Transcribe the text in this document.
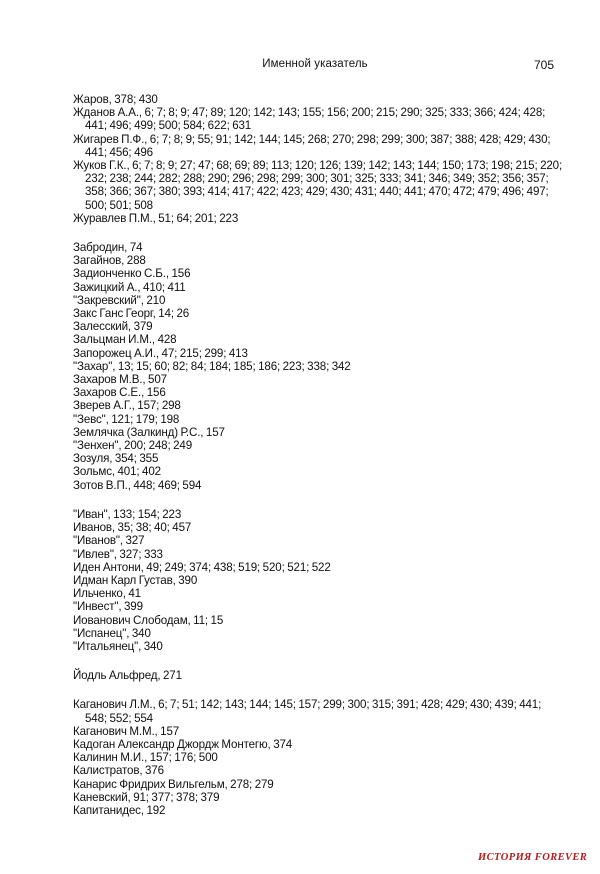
Именной указатель	705
Жаров, 378; 430
Жданов А.А., 6; 7; 8; 9; 47; 89; 120; 142; 143; 155; 156; 200; 215; 290; 325; 333; 366; 424; 428; 441; 496; 499; 500; 584; 622; 631
Жигарев П.Ф., 6; 7; 8; 9; 55; 91; 142; 144; 145; 268; 270; 298; 299; 300; 387; 388; 428; 429; 430; 441; 456; 496
Жуков Г.К., 6; 7; 8; 9; 27; 47; 68; 69; 89; 113; 120; 126; 139; 142; 143; 144; 150; 173; 198; 215; 220; 232; 238; 244; 282; 288; 290; 296; 298; 299; 300; 301; 325; 333; 341; 346; 349; 352; 356; 357; 358; 366; 367; 380; 393; 414; 417; 422; 423; 429; 430; 431; 440; 441; 470; 472; 479; 496; 497; 500; 501; 508
Журавлев П.М., 51; 64; 201; 223
Забродин, 74
Загайнов, 288
Задионченко С.Б., 156
Зажицкий А., 410; 411
"Закревский", 210
Закс Ганс Георг, 14; 26
Залесский, 379
Зальцман И.М., 428
Запорожец А.И., 47; 215; 299; 413
"Захар", 13; 15; 60; 82; 84; 184; 185; 186; 223; 338; 342
Захаров М.В., 507
Захаров С.Е., 156
Зверев А.Г., 157; 298
"Зевс", 121; 179; 198
Землячка (Залкинд) Р.С., 157
"Зенхен", 200; 248; 249
Зозуля, 354; 355
Зольмс, 401; 402
Зотов В.П., 448; 469; 594
"Иван", 133; 154; 223
Иванов, 35; 38; 40; 457
"Иванов", 327
"Ивлев", 327; 333
Иден Антони, 49; 249; 374; 438; 519; 520; 521; 522
Идман Карл Густав, 390
Ильченко, 41
"Инвест", 399
Иованович Слободам, 11; 15
"Испанец", 340
"Итальянец", 340
Йодль Альфред, 271
Каганович Л.М., 6; 7; 51; 142; 143; 144; 145; 157; 299; 300; 315; 391; 428; 429; 430; 439; 441; 548; 552; 554
Каганович М.М., 157
Кадоган Александр Джордж Монтегю, 374
Калинин М.И., 157; 176; 500
Калистратов, 376
Канарис Фридрих Вильгельм, 278; 279
Каневский, 91; 377; 378; 379
Капитанидес, 192
ИСТОРИЯ FOREVER
